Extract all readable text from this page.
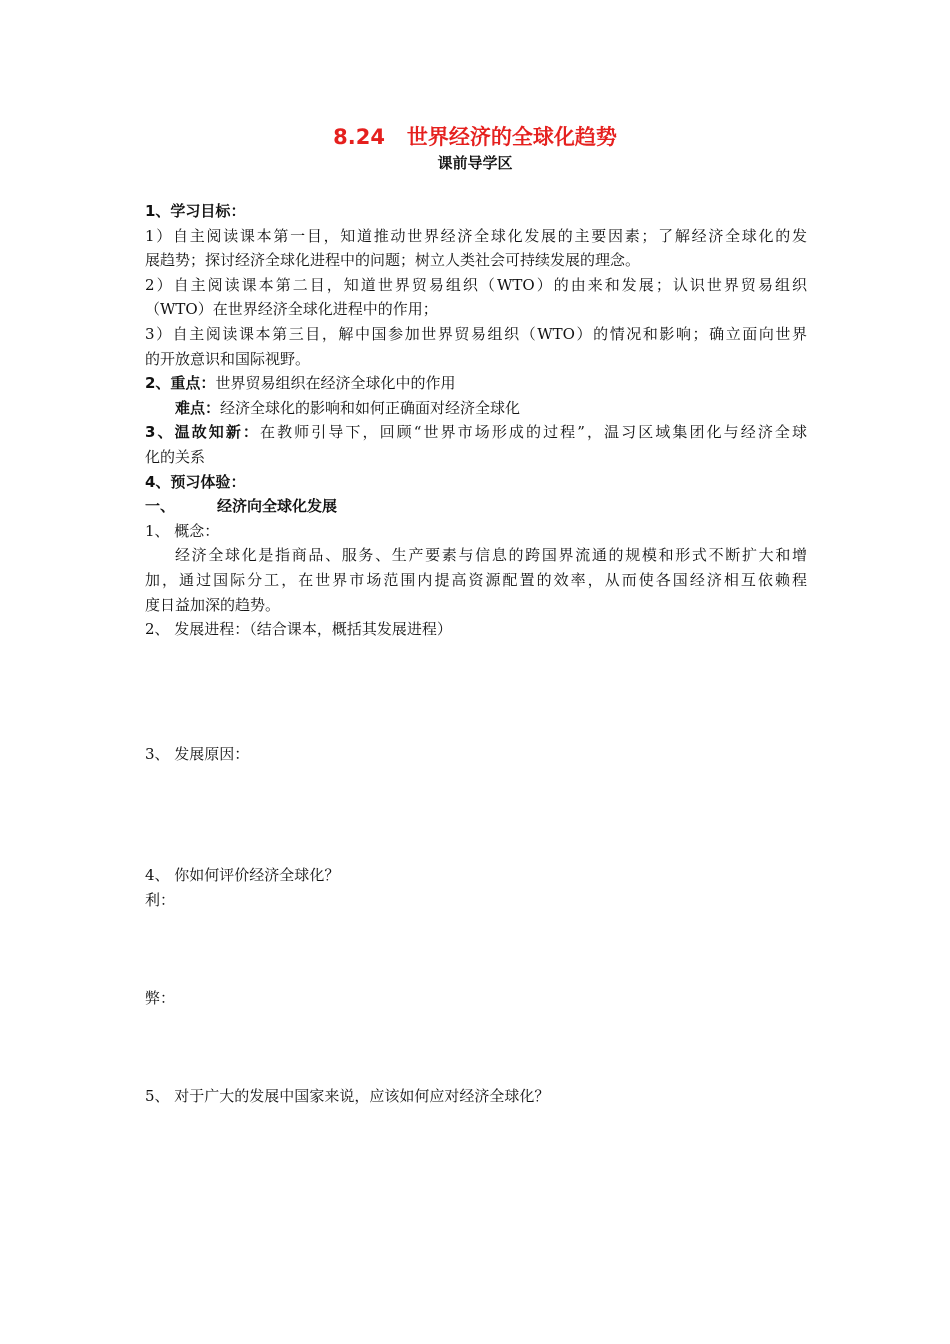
8.24   世界经济的全球化趋势
课前导学区
1、学习目标：
1）自主阅读课本第一目，知道推动世界经济全球化发展的主要因素；了解经济全球化的发
展趋势；探讨经济全球化进程中的问题；树立人类社会可持续发展的理念。
2）自主阅读课本第二目，知道世界贸易组织（WTO）的由来和发展；认识世界贸易组织
（WTO）在世界经济全球化进程中的作用；
3）自主阅读课本第三目，解中国参加世界贸易组织（WTO）的情况和影响；确立面向世界
的开放意识和国际视野。
2、重点：世界贸易组织在经济全球化中的作用
难点：经济全球化的影响和如何正确面对经济全球化
3、温故知新：在教师引导下，回顾“世界市场形成的过程”，温习区域集团化与经济全球
化的关系
4、预习体验：
一、	经济向全球化发展
1、 概念：
经济全球化是指商品、服务、生产要素与信息的跨国界流通的规模和形式不断扩大和增
加，通过国际分工，在世界市场范围内提高资源配置的效率，从而使各国经济相互依赖程
度日益加深的趋势。
2、 发展进程：（结合课本，概括其发展进程）
3、 发展原因：
4、 你如何评价经济全球化？
利：
弊：
5、 对于广大的发展中国家来说，应该如何应对经济全球化？
